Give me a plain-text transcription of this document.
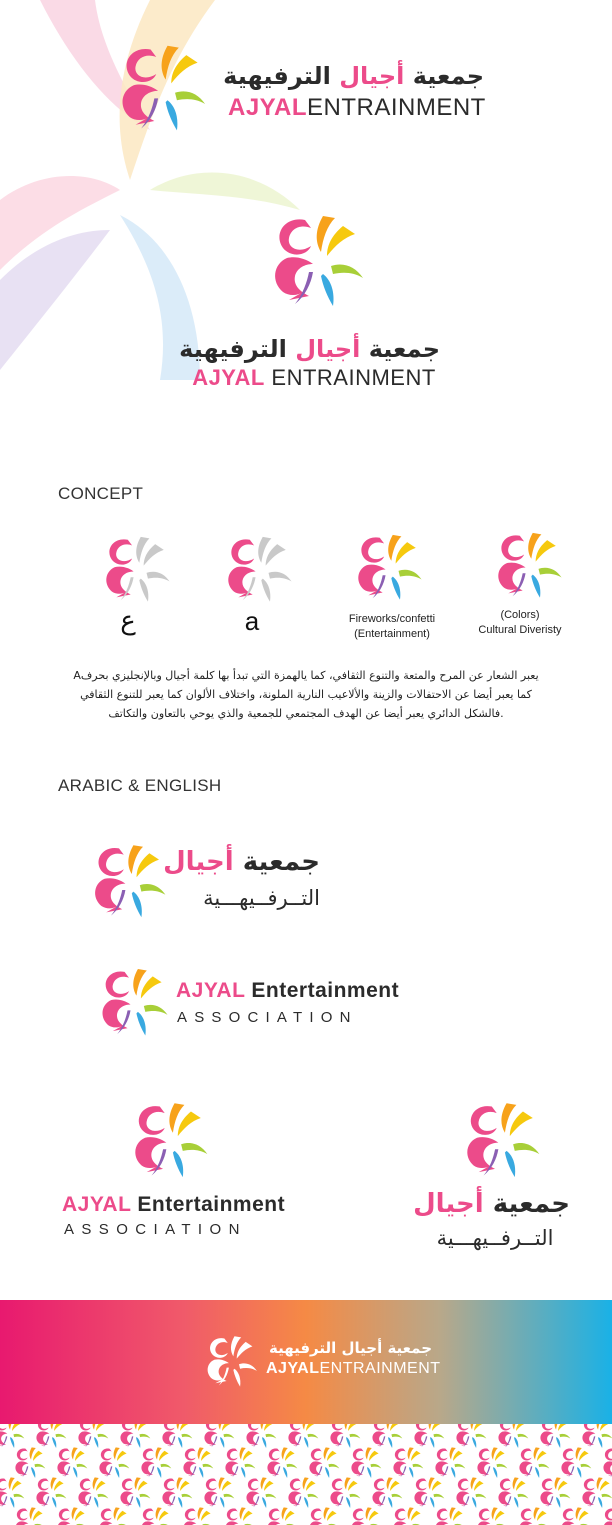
جمعية أجيال الترفيهية
AJYALENTRAINMENT
جمعية أجيال الترفيهية
AJYAL ENTRAINMENT
CONCEPT
ع	a	Fireworks/confetti
(Entertainment)
(Colors)
Cultural Diveristy
يعبر الشعار عن المرح والمتعة والتنوع الثقافي، كما يالهمزة التي تبدأ بها كلمة أجيال وبالإنجليزي بحرفA
كما يعبر أيضا عن الاحتفالات والزينة والألاعيب النارية الملونة، واختلاف الألوان كما يعبر للتنوع الثقافي
.فالشكل الدائري يعبر أيضا عن الهدف المجتمعي للجمعية والذي يوحي بالتعاون والتكاتف
ARABIC & ENGLISH
جمعية أجيال
التــرفــيهـــية
AJYAL Entertainment
ASSOCIATION
AJYAL Entertainment
ASSOCIATION
جمعية أجيال
التــرفــيهـــية
جمعية أجيال الترفيهية
AJYALENTRAINMENT
